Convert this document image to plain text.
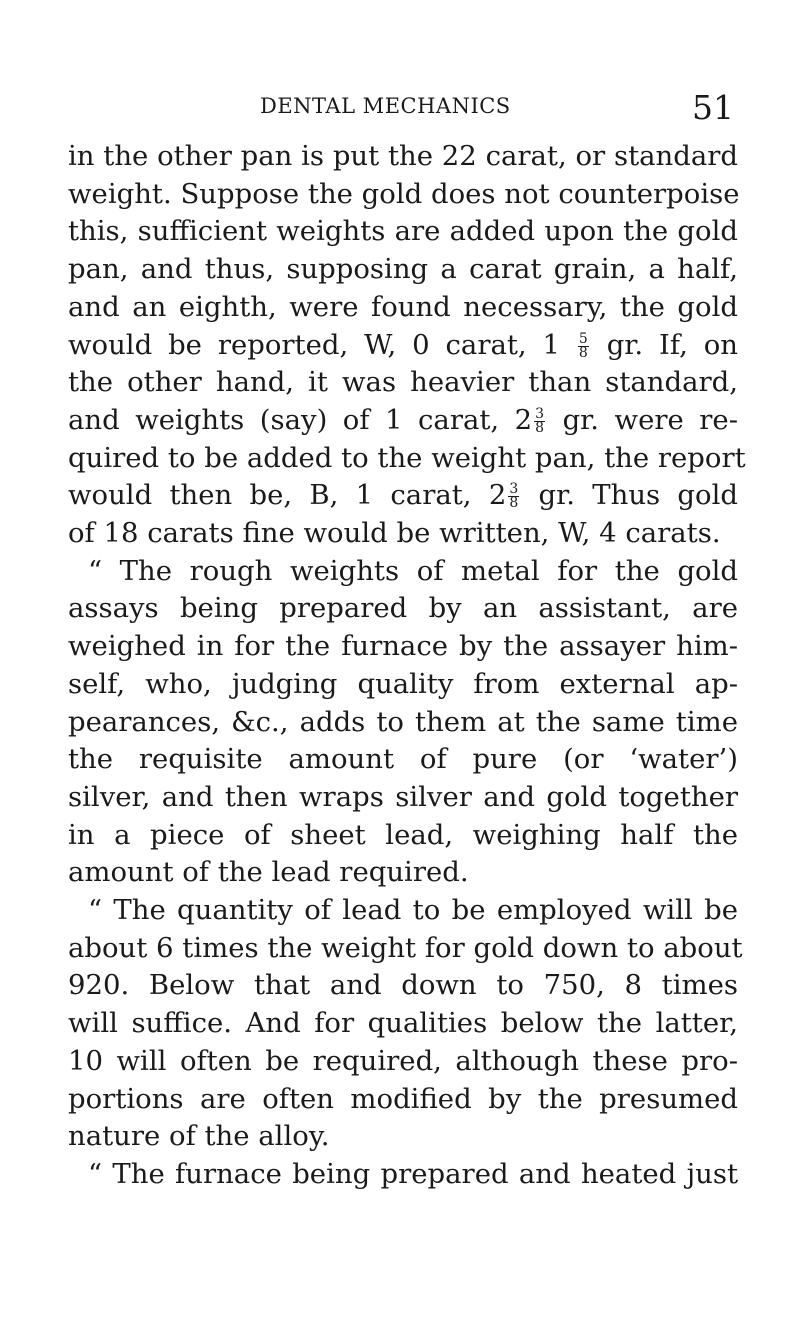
DENTAL MECHANICS	51
in the other pan is put the 22 carat, or standard
weight. Suppose the gold does not counterpoise
this, sufficient weights are added upon the gold
pan, and thus, supposing a carat grain, a half,
and an eighth, were found necessary, the gold
would be reported, W, 0 carat, $1 \frac{5}{8}$ gr. If, on
the other hand, it was heavier than standard,
and weights (say) of 1 carat, $2 \frac{3}{8}$ gr. were re-
quired to be added to the weight pan, the report
would then be, B, 1 carat, $2 \frac{3}{8}$ gr. Thus gold
of 18 carats fine would be written, W, 4 carats.
“ The rough weights of metal for the gold
assays being prepared by an assistant, are
weighed in for the furnace by the assayer him-
self, who, judging quality from external ap-
pearances, &c., adds to them at the same time
the requisite amount of pure (or ‘water’)
silver, and then wraps silver and gold together
in a piece of sheet lead, weighing half the
amount of the lead required.
“ The quantity of lead to be employed will be
about 6 times the weight for gold down to about
920. Below that and down to 750, 8 times
will suffice. And for qualities below the latter,
10 will often be required, although these pro-
portions are often modified by the presumed
nature of the alloy.
“ The furnace being prepared and heated just
